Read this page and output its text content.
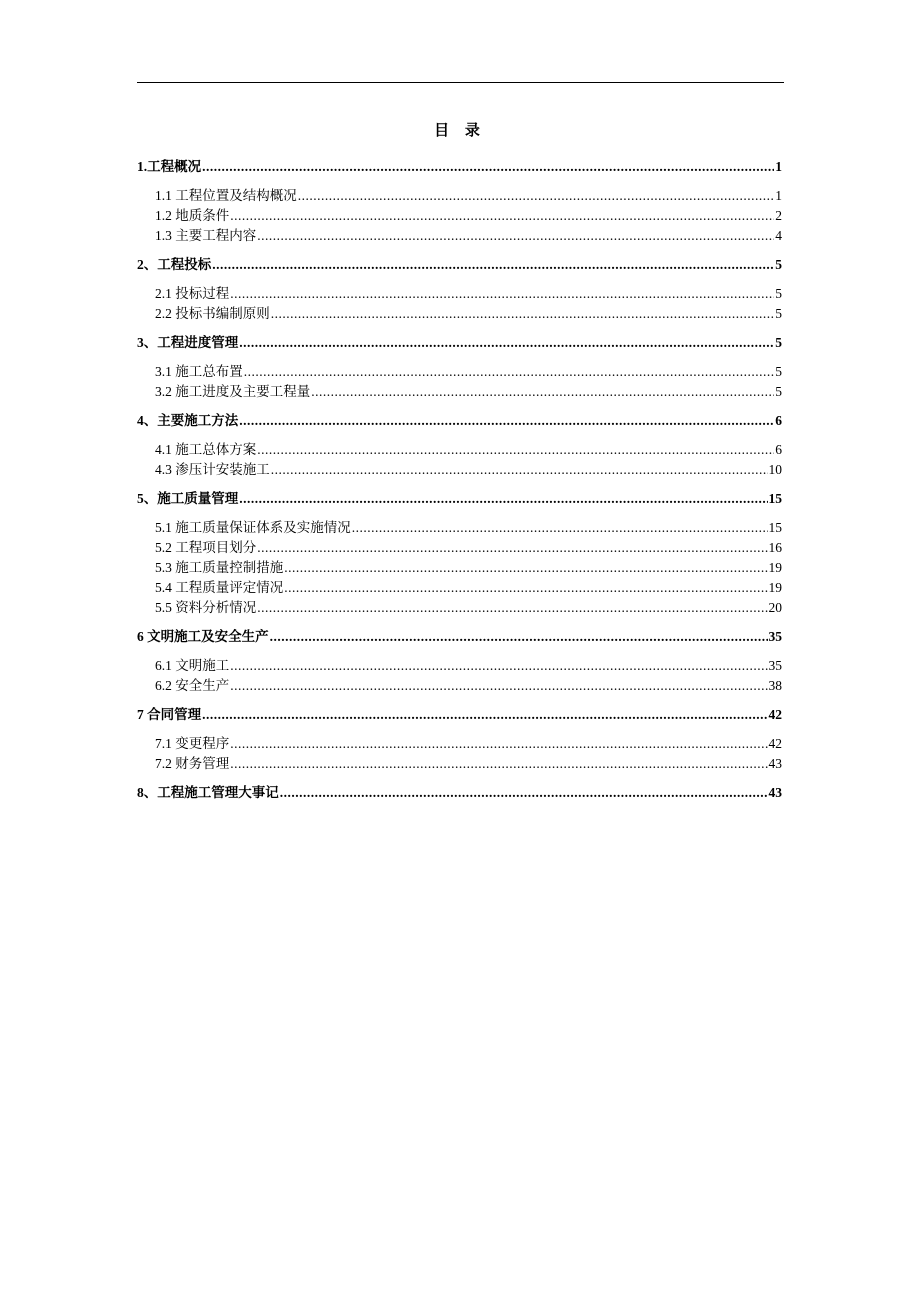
目 录
1.工程概况 .....	1
1.1 工程位置及结构概况 .....	1
1.2 地质条件 .....	2
1.3 主要工程内容 .....	4
2、工程投标 .....	5
2.1 投标过程 .....	5
2.2 投标书编制原则 .....	5
3、工程进度管理 .....	5
3.1 施工总布置 .....	5
3.2 施工进度及主要工程量 .....	5
4、主要施工方法 .....	6
4.1 施工总体方案 .....	6
4.3 渗压计安装施工 .....	10
5、施工质量管理 .....	15
5.1 施工质量保证体系及实施情况 .....	15
5.2 工程项目划分 .....	16
5.3 施工质量控制措施 .....	19
5.4 工程质量评定情况 .....	19
5.5 资料分析情况 .....	20
6 文明施工及安全生产 .....	35
6.1 文明施工 .....	35
6.2 安全生产 .....	38
7 合同管理 .....	42
7.1 变更程序 .....	42
7.2 财务管理 .....	43
8、工程施工管理大事记 .....	43
